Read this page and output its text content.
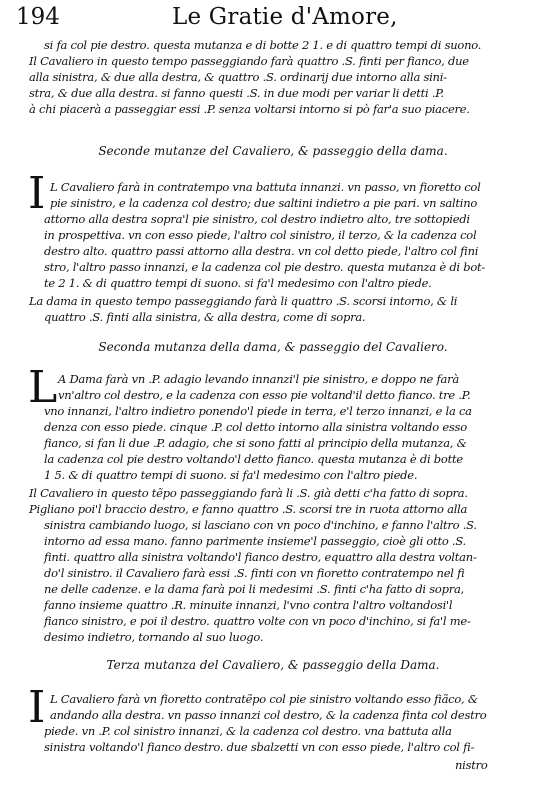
194	Le Gratie d'Amore,
si fa col pie destro. questa mutanza e di botte 2 1. e di quattro tempi di suono.
Il Cavaliero in questo tempo passeggiando farà quattro .S. finti per fianco, due
alla sinistra, & due alla destra, & quattro .S. ordinarij due intorno alla sini-
stra, & due alla destra. si fanno questi .S. in due modi per variar li detti .P.
à chi piacerà a passeggiar essi .P. senza voltarsi intorno si pò far'a suo piacere.
Seconde mutanze del Cavaliero, & passeggio della dama.
I L Cavaliero farà in contratempo vna battuta innanzi. vn passo, vn fioretto col
pie sinistro, e la cadenza col destro; due saltini indietro a pie pari. vn saltino
attorno alla destra sopra'l pie sinistro, col destro indietro alto, tre sottopiedi
in prospettiva. vn con esso piede, l'altro col sinistro, il terzo, & la cadenza col
destro alto. quattro passi attorno alla destra. vn col detto piede, l'altro col fini
stro, l'altro passo innanzi, e la cadenza col pie destro. questa mutanza è di bot-
te 2 1. & di quattro tempi di suono. si fa'l medesimo con l'altro piede.
La dama in questo tempo passeggiando farà li quattro .S. scorsi intorno, & li
quattro .S. finti alla sinistra, & alla destra, come di sopra.
Seconda mutanza della dama, & passeggio del Cavaliero.
L A Dama farà vn .P. adagio levando innanzi'l pie sinistro, e doppo ne farà
vn'altro col destro, e la cadenza con esso pie voltand'il detto fianco. tre .P.
vno innanzi, l'altro indietro ponendo'l piede in terra, e'l terzo innanzi, e la ca
denza con esso piede. cinque .P. col detto intorno alla sinistra voltando esso
fianco, si fan li due .P. adagio, che si sono fatti al principio della mutanza, &
la cadenza col pie destro voltando'l detto fianco. questa mutanza è di botte
1 5. & di quattro tempi di suono. si fa'l medesimo con l'altro piede.
Il Cavaliero in questo tẽpo passeggiando farà li .S. già detti c'ha fatto di sopra.
Pigliano poi'l braccio destro, e fanno quattro .S. scorsi tre in ruota attorno alla
sinistra cambiando luogo, si lasciano con vn poco d'inchino, e fanno l'altro .S.
intorno ad essa mano. fanno parimente insieme'l passeggio, cioè gli otto .S.
finti. quattro alla sinistra voltando'l fianco destro, equattro alla destra voltan-
do'l sinistro. il Cavaliero farà essi .S. finti con vn fioretto contratempo nel fi
ne delle cadenze. e la dama farà poi li medesimi .S. finti c'ha fatto di sopra,
fanno insieme quattro .R. minuite innanzi, l'vno contra l'altro voltandosi'l
fianco sinistro, e poi il destro. quattro volte con vn poco d'inchino, si fa'l me-
desimo indietro, tornando al suo luogo.
Terza mutanza del Cavaliero, & passeggio della Dama.
I L Cavaliero farà vn fioretto contratẽpo col pie sinistro voltando esso fiãco, &
andando alla destra. vn passo innanzi col destro, & la cadenza finta col destro
piede. vn .P. col sinistro innanzi, & la cadenza col destro. vna battuta alla
sinistra voltando'l fianco destro. due sbalzetti vn con esso piede, l'altro col fi-
nistro
